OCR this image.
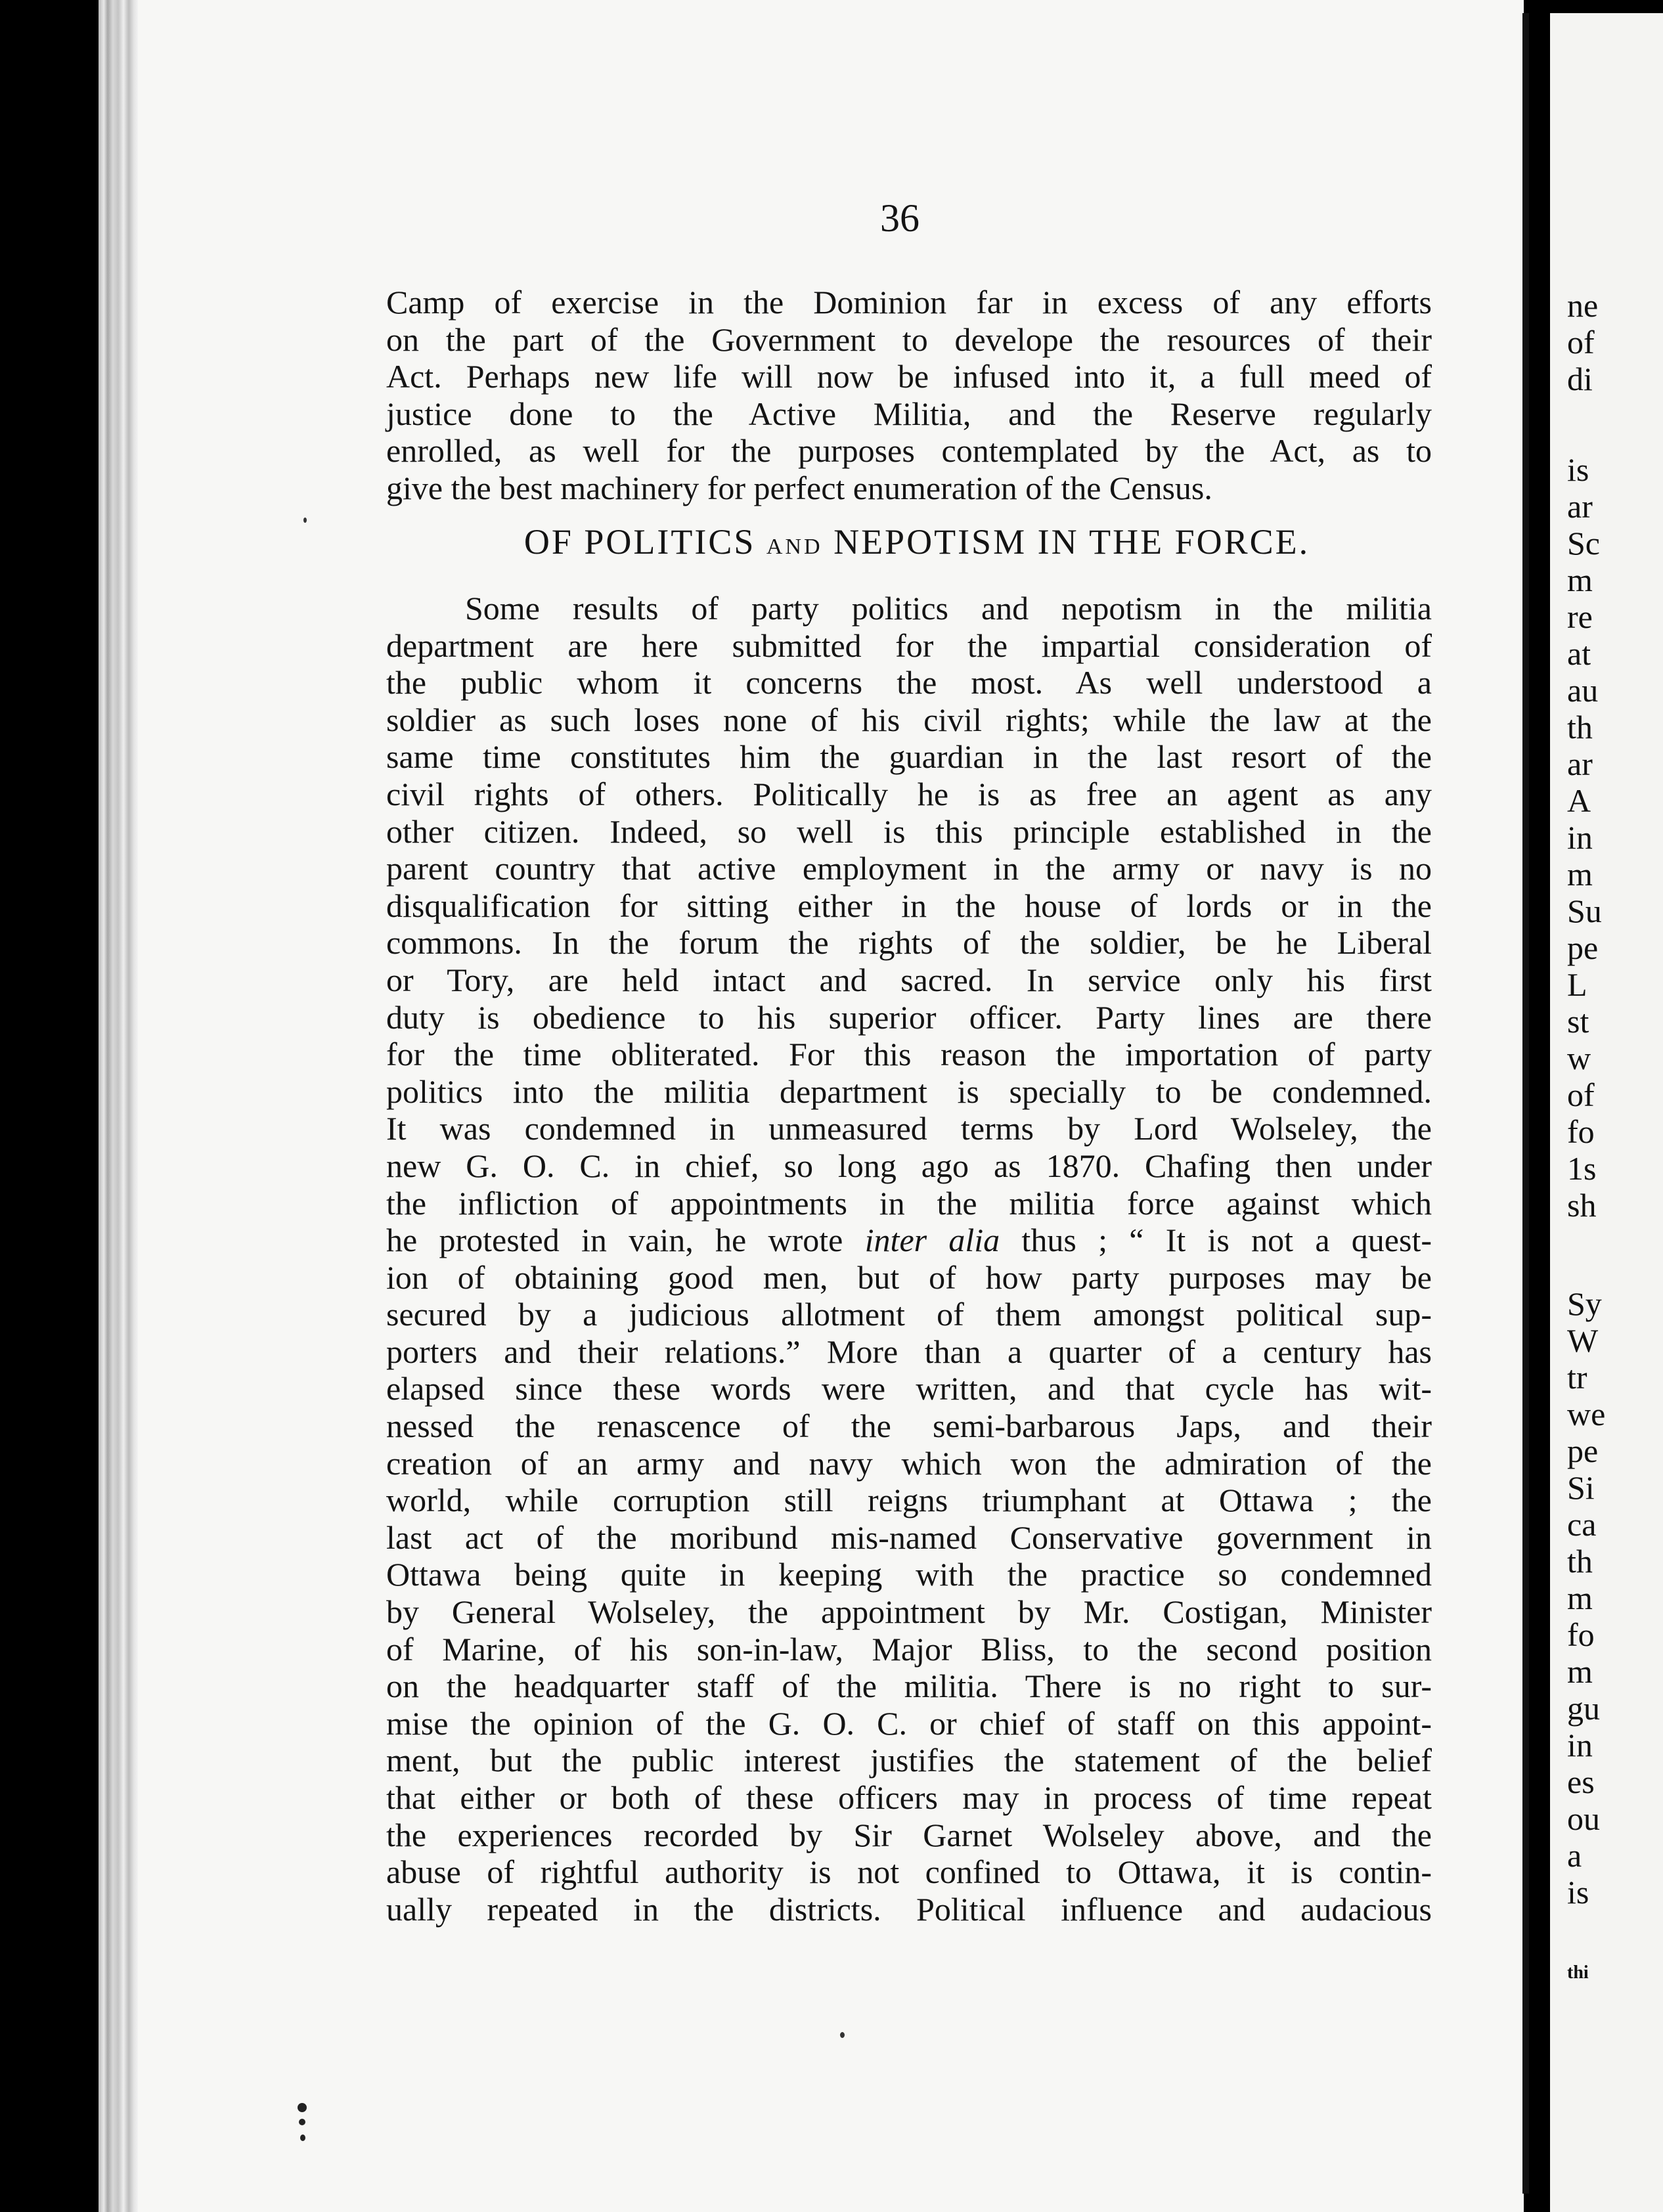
36
Camp of exercise in the Dominion far in excess of any efforts
on the part of the Government to develope the resources of their
Act. Perhaps new life will now be infused into it, a full meed of
justice done to the Active Militia, and the Reserve regularly
enrolled, as well for the purposes contemplated by the Act, as to
give the best machinery for perfect enumeration of the Census.
OF POLITICS AND NEPOTISM IN THE FORCE.
Some results of party politics and nepotism in the militia
department are here submitted for the impartial consideration of
the public whom it concerns the most. As well understood a
soldier as such loses none of his civil rights; while the law at the
same time constitutes him the guardian in the last resort of the
civil rights of others. Politically he is as free an agent as any
other citizen. Indeed, so well is this principle established in the
parent country that active employment in the army or navy is no
disqualification for sitting either in the house of lords or in the
commons. In the forum the rights of the soldier, be he Liberal
or Tory, are held intact and sacred. In service only his first
duty is obedience to his superior officer. Party lines are there
for the time obliterated. For this reason the importation of party
politics into the militia department is specially to be condemned.
It was condemned in unmeasured terms by Lord Wolseley, the
new G. O. C. in chief, so long ago as 1870. Chafing then under
the infliction of appointments in the militia force against which
he protested in vain, he wrote inter alia thus ; “ It is not a quest-
ion of obtaining good men, but of how party purposes may be
secured by a judicious allotment of them amongst political sup-
porters and their relations.” More than a quarter of a century has
elapsed since these words were written, and that cycle has wit-
nessed the renascence of the semi-barbarous Japs, and their
creation of an army and navy which won the admiration of the
world, while corruption still reigns triumphant at Ottawa ; the
last act of the moribund mis-named Conservative government in
Ottawa being quite in keeping with the practice so condemned
by General Wolseley, the appointment by Mr. Costigan, Minister
of Marine, of his son-in-law, Major Bliss, to the second position
on the headquarter staff of the militia. There is no right to sur-
mise the opinion of the G. O. C. or chief of staff on this appoint-
ment, but the public interest justifies the statement of the belief
that either or both of these officers may in process of time repeat
the experiences recorded by Sir Garnet Wolseley above, and the
abuse of rightful authority is not confined to Ottawa, it is contin-
ually repeated in the districts. Political influence and audacious
ne
of
di
is
ar
Sc
m
re
at
au
th
ar
A
in
m
Su
pe
L
st
w
of
fo
1s
sh
Sy
W
tr
we
pe
Si
ca
th
m
fo
m
gu
in
es
ou
a
is
thi
